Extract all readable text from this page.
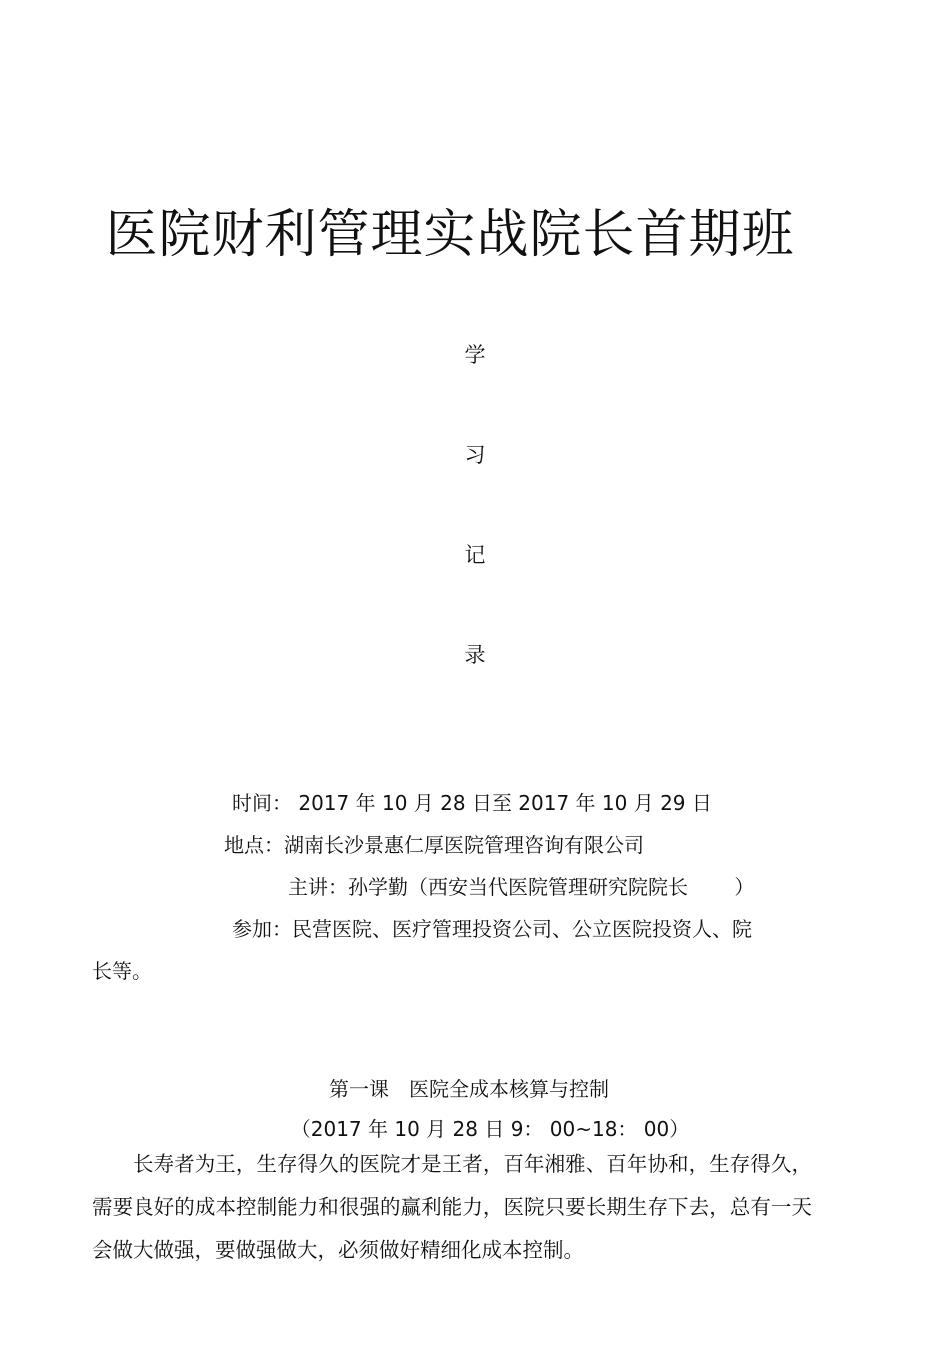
医院财利管理实战院长首期班
学
习
记
录
时间： 2017 年 10 月 28 日至 2017 年 10 月 29 日
地点：湖南长沙景惠仁厚医院管理咨询有限公司
主讲：孙学勤（西安当代医院管理研究院院长　　 ）
参加：民营医院、医疗管理投资公司、公立医院投资人、院
长等。
第一课　医院全成本核算与控制
（2017 年 10 月 28 日 9： 00~18： 00）
长寿者为王，生存得久的医院才是王者，百年湘雅、百年协和，生存得久，需要良好的成本控制能力和很强的赢利能力，医院只要长期生存下去，总有一天会做大做强，要做强做大，必须做好精细化成本控制。
